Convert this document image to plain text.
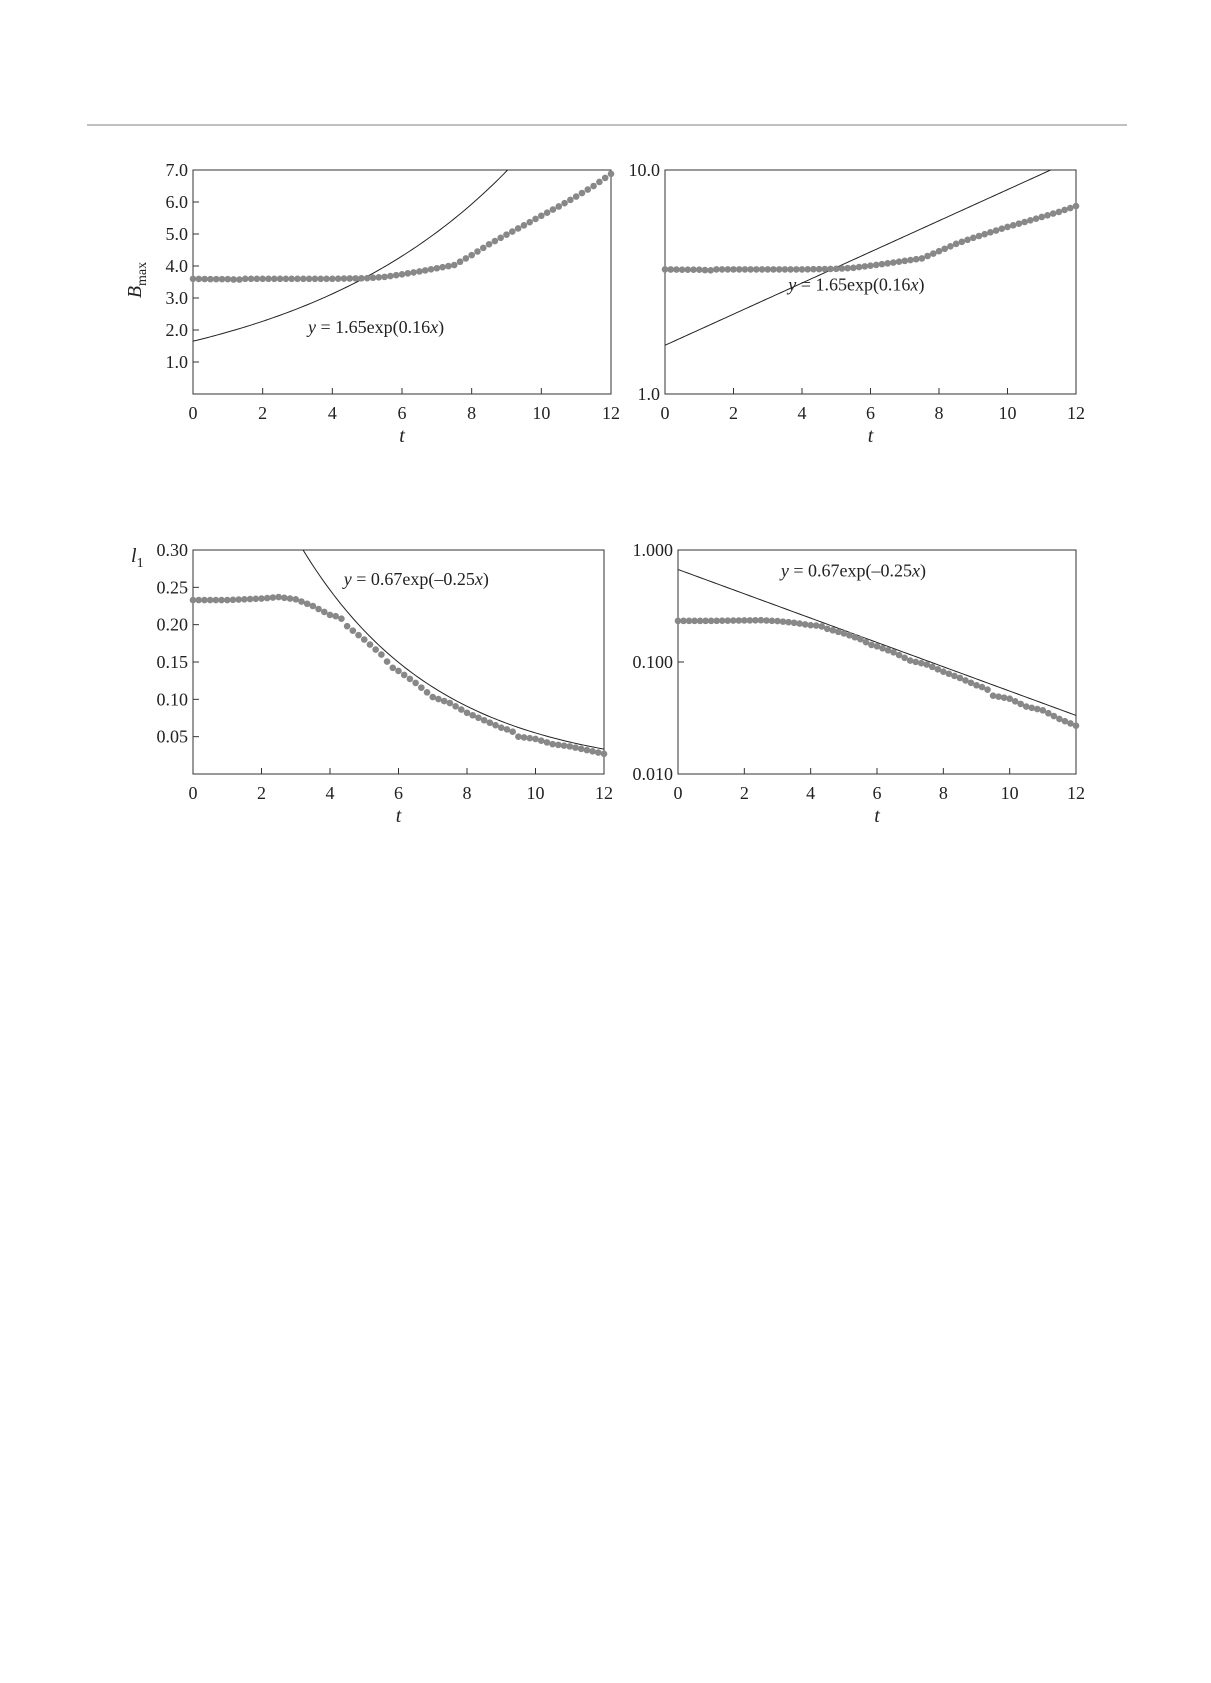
0	2	4	6	8	10	12
1.0
2.0
3.0
4.0
5.0
6.0
7.0
t
$B_{max}$
y = 1.65exp(0.16x)
0	2	4	6	8	10	12
1.0
10.0
t
y = 1.65exp(0.16x)
0	2	4	6	8	10	12
0.05
0.10
0.15
0.20
0.25
0.30
t
$l_1$
y = 0.67exp(–0.25x)
0	2	4	6	8	10	12
0.010
0.100
1.000
t
y = 0.67exp(–0.25x)
